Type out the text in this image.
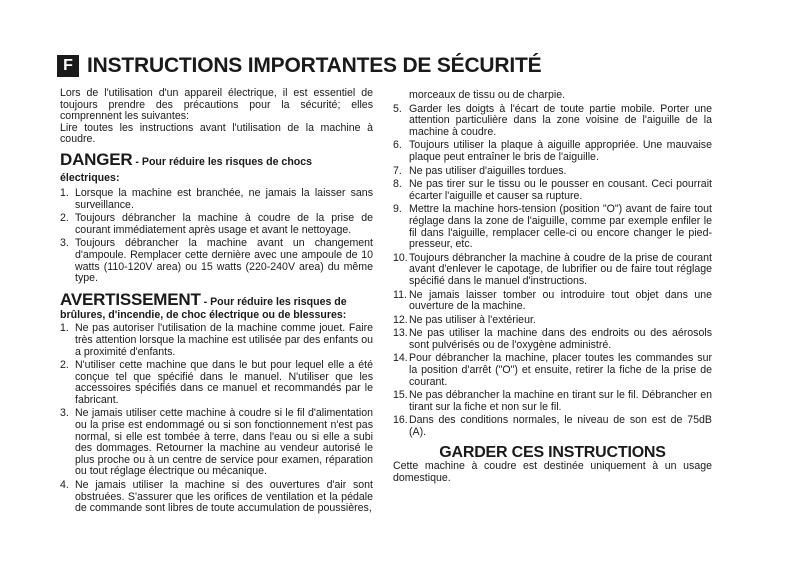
F INSTRUCTIONS IMPORTANTES DE SÉCURITÉ

Lors de l'utilisation d'un appareil électrique, il est essentiel de toujours prendre des précautions pour la sécurité; elles comprennent les suivantes:

Lire toutes les instructions avant l'utilisation de la machine à coudre.

DANGER - Pour réduire les risques de chocs électriques:
1. Lorsque la machine est branchée, ne jamais la laisser sans surveillance.
2. Toujours débrancher la machine à coudre de la prise de courant immédiatement après usage et avant le nettoyage.
3. Toujours débrancher la machine avant un changement d'ampoule. Remplacer cette dernière avec une ampoule de 10 watts (110-120V area) ou 15 watts (220-240V area) du même type.
AVERTISSEMENT - Pour réduire les risques de
brûlures, d'incendie, de choc électrique ou de blessures:
1. Ne pas autoriser l'utilisation de la machine comme jouet. Faire très attention lorsque la machine est utilisée par des enfants ou a proximité d'enfants.
2. N'utiliser cette machine que dans le but pour lequel elle a été conçue tel que spécifié dans le manuel. N'utiliser que les accessoires spécifiés dans ce manuel et recommandés par le fabricant.
3. Ne jamais utiliser cette machine à coudre si le fil d'alimentation ou la prise est endommagé ou si son fonctionnement n'est pas normal, si elle est tombée à terre, dans l'eau ou si elle a subi des dommages. Retourner la machine au vendeur autorisé le plus proche ou à un centre de service pour examen, réparation ou tout réglage électrique ou mécanique.
4. Ne jamais utiliser la machine si des ouvertures d'air sont obstruées. S'assurer que les orifices de ventilation et la pédale de commande sont libres de toute accumulation de poussières,
morceaux de tissu ou de charpie.
5. Garder les doigts à l'écart de toute partie mobile. Porter une attention particulière dans la zone voisine de l'aiguille de la machine à coudre.
6. Toujours utiliser la plaque à aiguille appropriée. Une mauvaise plaque peut entraîner le bris de l'aiguille.
7. Ne pas utiliser d'aiguilles tordues.
8. Ne pas tirer sur le tissu ou le pousser en cousant. Ceci pourrait écarter l'aiguille et causer sa rupture.
9. Mettre la machine hors-tension (position "O") avant de faire tout réglage dans la zone de l'aiguille, comme par exemple enfiler le fil dans l'aiguille, remplacer celle-ci ou encore changer le pied-presseur, etc.
10. Toujours débrancher la machine à coudre de la prise de courant avant d'enlever le capotage, de lubrifier ou de faire tout réglage spécifié dans le manuel d'instructions.
11. Ne jamais laisser tomber ou introduire tout objet dans une ouverture de la machine.
12. Ne pas utiliser à l'extérieur.
13. Ne pas utiliser la machine dans des endroits ou des aérosols sont pulvérisés ou de l'oxygène administré.
14. Pour débrancher la machine, placer toutes les commandes sur la position d'arrêt ("O") et ensuite, retirer la fiche de la prise de courant.
15. Ne pas débrancher la machine en tirant sur le fil. Débrancher en tirant sur la fiche et non sur le fil.
16. Dans des conditions normales, le niveau de son est de 75dB (A).
GARDER CES INSTRUCTIONS

Cette machine à coudre est destinée uniquement à un usage domestique.
